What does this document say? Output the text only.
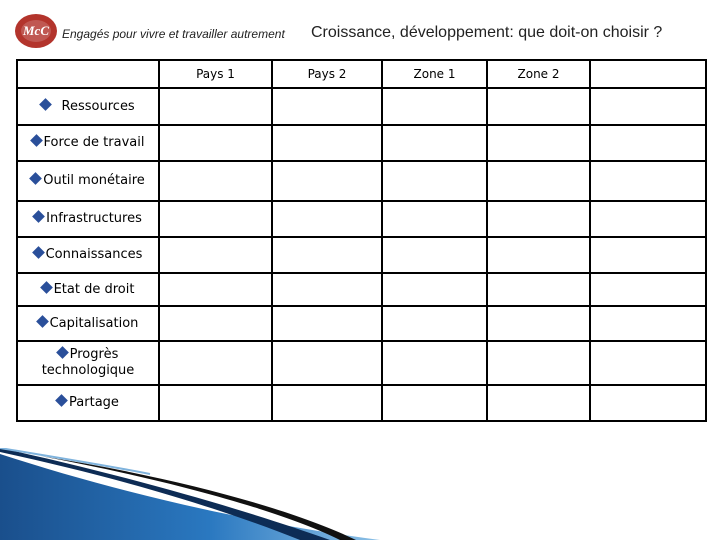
McC Engagés pour vivre et travailler autrement Croissance, développement: que doit-on choisir ?
	Pays 1	Pays 2	Zone 1	Zone 2	
Ressources					
Force de travail					
Outil monétaire					
Infrastructures					
Connaissances					
Etat de droit					
Capitalisation					
Progrès technologique					
Partage					
